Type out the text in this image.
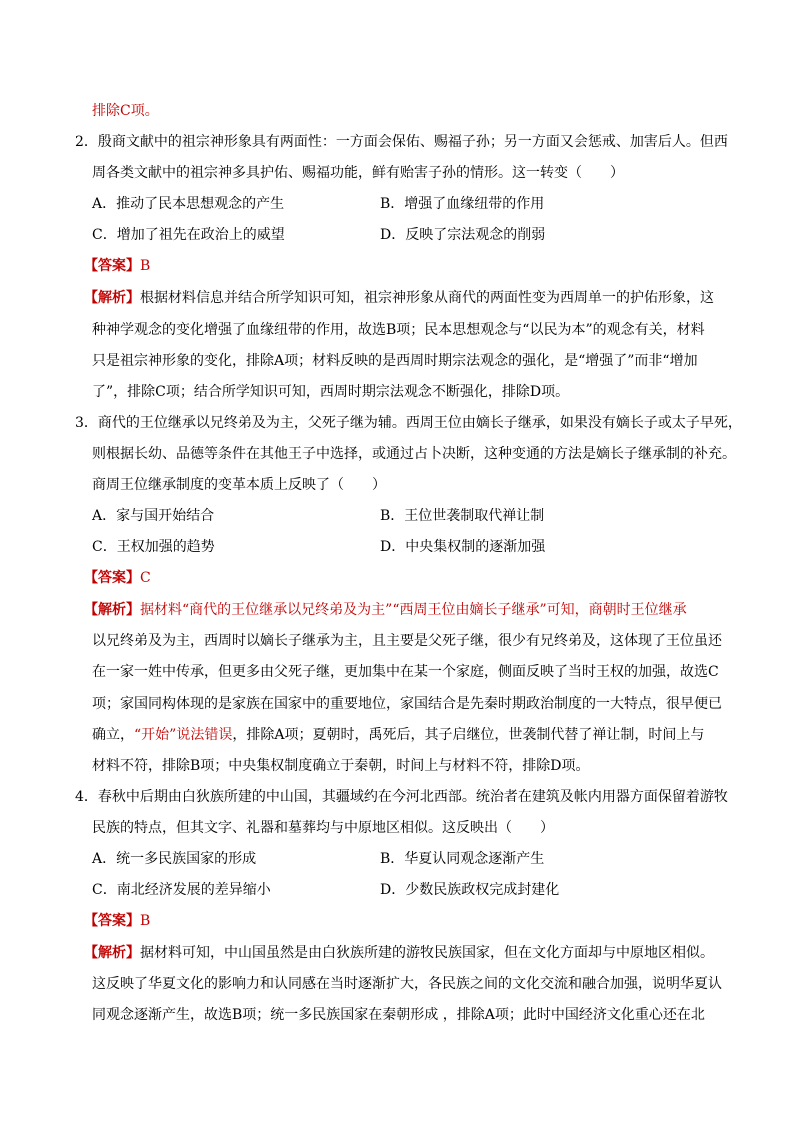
排除C项。
2．殷商文献中的祖宗神形象具有两面性：一方面会保佑、赐福子孙；另一方面又会惩戒、加害后人。但西
周各类文献中的祖宗神多具护佑、赐福功能，鲜有贻害子孙的情形。这一转变（　　）
A．推动了民本思想观念的产生	B．增强了血缘纽带的作用
C．增加了祖先在政治上的威望	D．反映了宗法观念的削弱
【答案】B
【解析】根据材料信息并结合所学知识可知，祖宗神形象从商代的两面性变为西周单一的护佑形象，这
种神学观念的变化增强了血缘纽带的作用，故选B项；民本思想观念与“以民为本”的观念有关，材料
只是祖宗神形象的变化，排除A项；材料反映的是西周时期宗法观念的强化，是“增强了”而非“增加
了”，排除C项；结合所学知识可知，西周时期宗法观念不断强化，排除D项。
3．商代的王位继承以兄终弟及为主，父死子继为辅。西周王位由嫡长子继承，如果没有嫡长子或太子早死，
则根据长幼、品德等条件在其他王子中选择，或通过占卜决断，这种变通的方法是嫡长子继承制的补充。
商周王位继承制度的变革本质上反映了（　　）
A．家与国开始结合	B．王位世袭制取代禅让制
C．王权加强的趋势	D．中央集权制的逐渐加强
【答案】C
【解析】据材料“商代的王位继承以兄终弟及为主”“西周王位由嫡长子继承”可知，商朝时王位继承
以兄终弟及为主，西周时以嫡长子继承为主，且主要是父死子继，很少有兄终弟及，这体现了王位虽还
在一家一姓中传承，但更多由父死子继，更加集中在某一个家庭，侧面反映了当时王权的加强，故选C
项；家国同构体现的是家族在国家中的重要地位，家国结合是先秦时期政治制度的一大特点，很早便已
确立，“开始”说法错误，排除A项；夏朝时，禹死后，其子启继位，世袭制代替了禅让制，时间上与
材料不符，排除B项；中央集权制度确立于秦朝，时间上与材料不符，排除D项。
4．春秋中后期由白狄族所建的中山国，其疆域约在今河北西部。统治者在建筑及帐内用器方面保留着游牧
民族的特点，但其文字、礼器和墓葬均与中原地区相似。这反映出（　　）
A．统一多民族国家的形成	B．华夏认同观念逐渐产生
C．南北经济发展的差异缩小	D．少数民族政权完成封建化
【答案】B
【解析】据材料可知，中山国虽然是由白狄族所建的游牧民族国家，但在文化方面却与中原地区相似。
这反映了华夏文化的影响力和认同感在当时逐渐扩大，各民族之间的文化交流和融合加强，说明华夏认
同观念逐渐产生，故选B项；统一多民族国家在秦朝形成 ，排除A项；此时中国经济文化重心还在北
